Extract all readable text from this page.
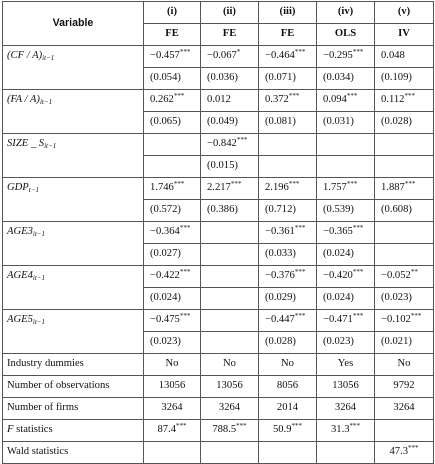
Variable	(i)	(ii)	(iii)	(iv)	(v)
	FE	FE	FE	OLS	IV
$(CF / A)_{it-1}$	−0.457***	−0.067*	−0.464***	−0.295***	0.048
	(0.054)	(0.036)	(0.071)	(0.034)	(0.109)
$(FA / A)_{it-1}$	0.262***	0.012	0.372***	0.094***	0.112***
	(0.065)	(0.049)	(0.081)	(0.031)	(0.028)
SIZE _ $S_{it-1}$		−0.842***			
		(0.015)			
$GDP_{t-1}$	1.746***	2.217***	2.196***	1.757***	1.887***
	(0.572)	(0.386)	(0.712)	(0.539)	(0.608)
$AGE3_{it-1}$	−0.364***		−0.361***	−0.365***	
	(0.027)		(0.033)	(0.024)	
$AGE4_{it-1}$	−0.422***		−0.376***	−0.420***	−0.052**
	(0.024)		(0.029)	(0.024)	(0.023)
$AGE5_{it-1}$	−0.475***		−0.447***	−0.471***	−0.102***
	(0.023)		(0.028)	(0.023)	(0.021)
Industry dummies	No	No	No	Yes	No
Number of observations	13056	13056	8056	13056	9792
Number of firms	3264	3264	2014	3264	3264
F statistics	87.4***	788.5***	50.9***	31.3***	
Wald statistics					47.3***
